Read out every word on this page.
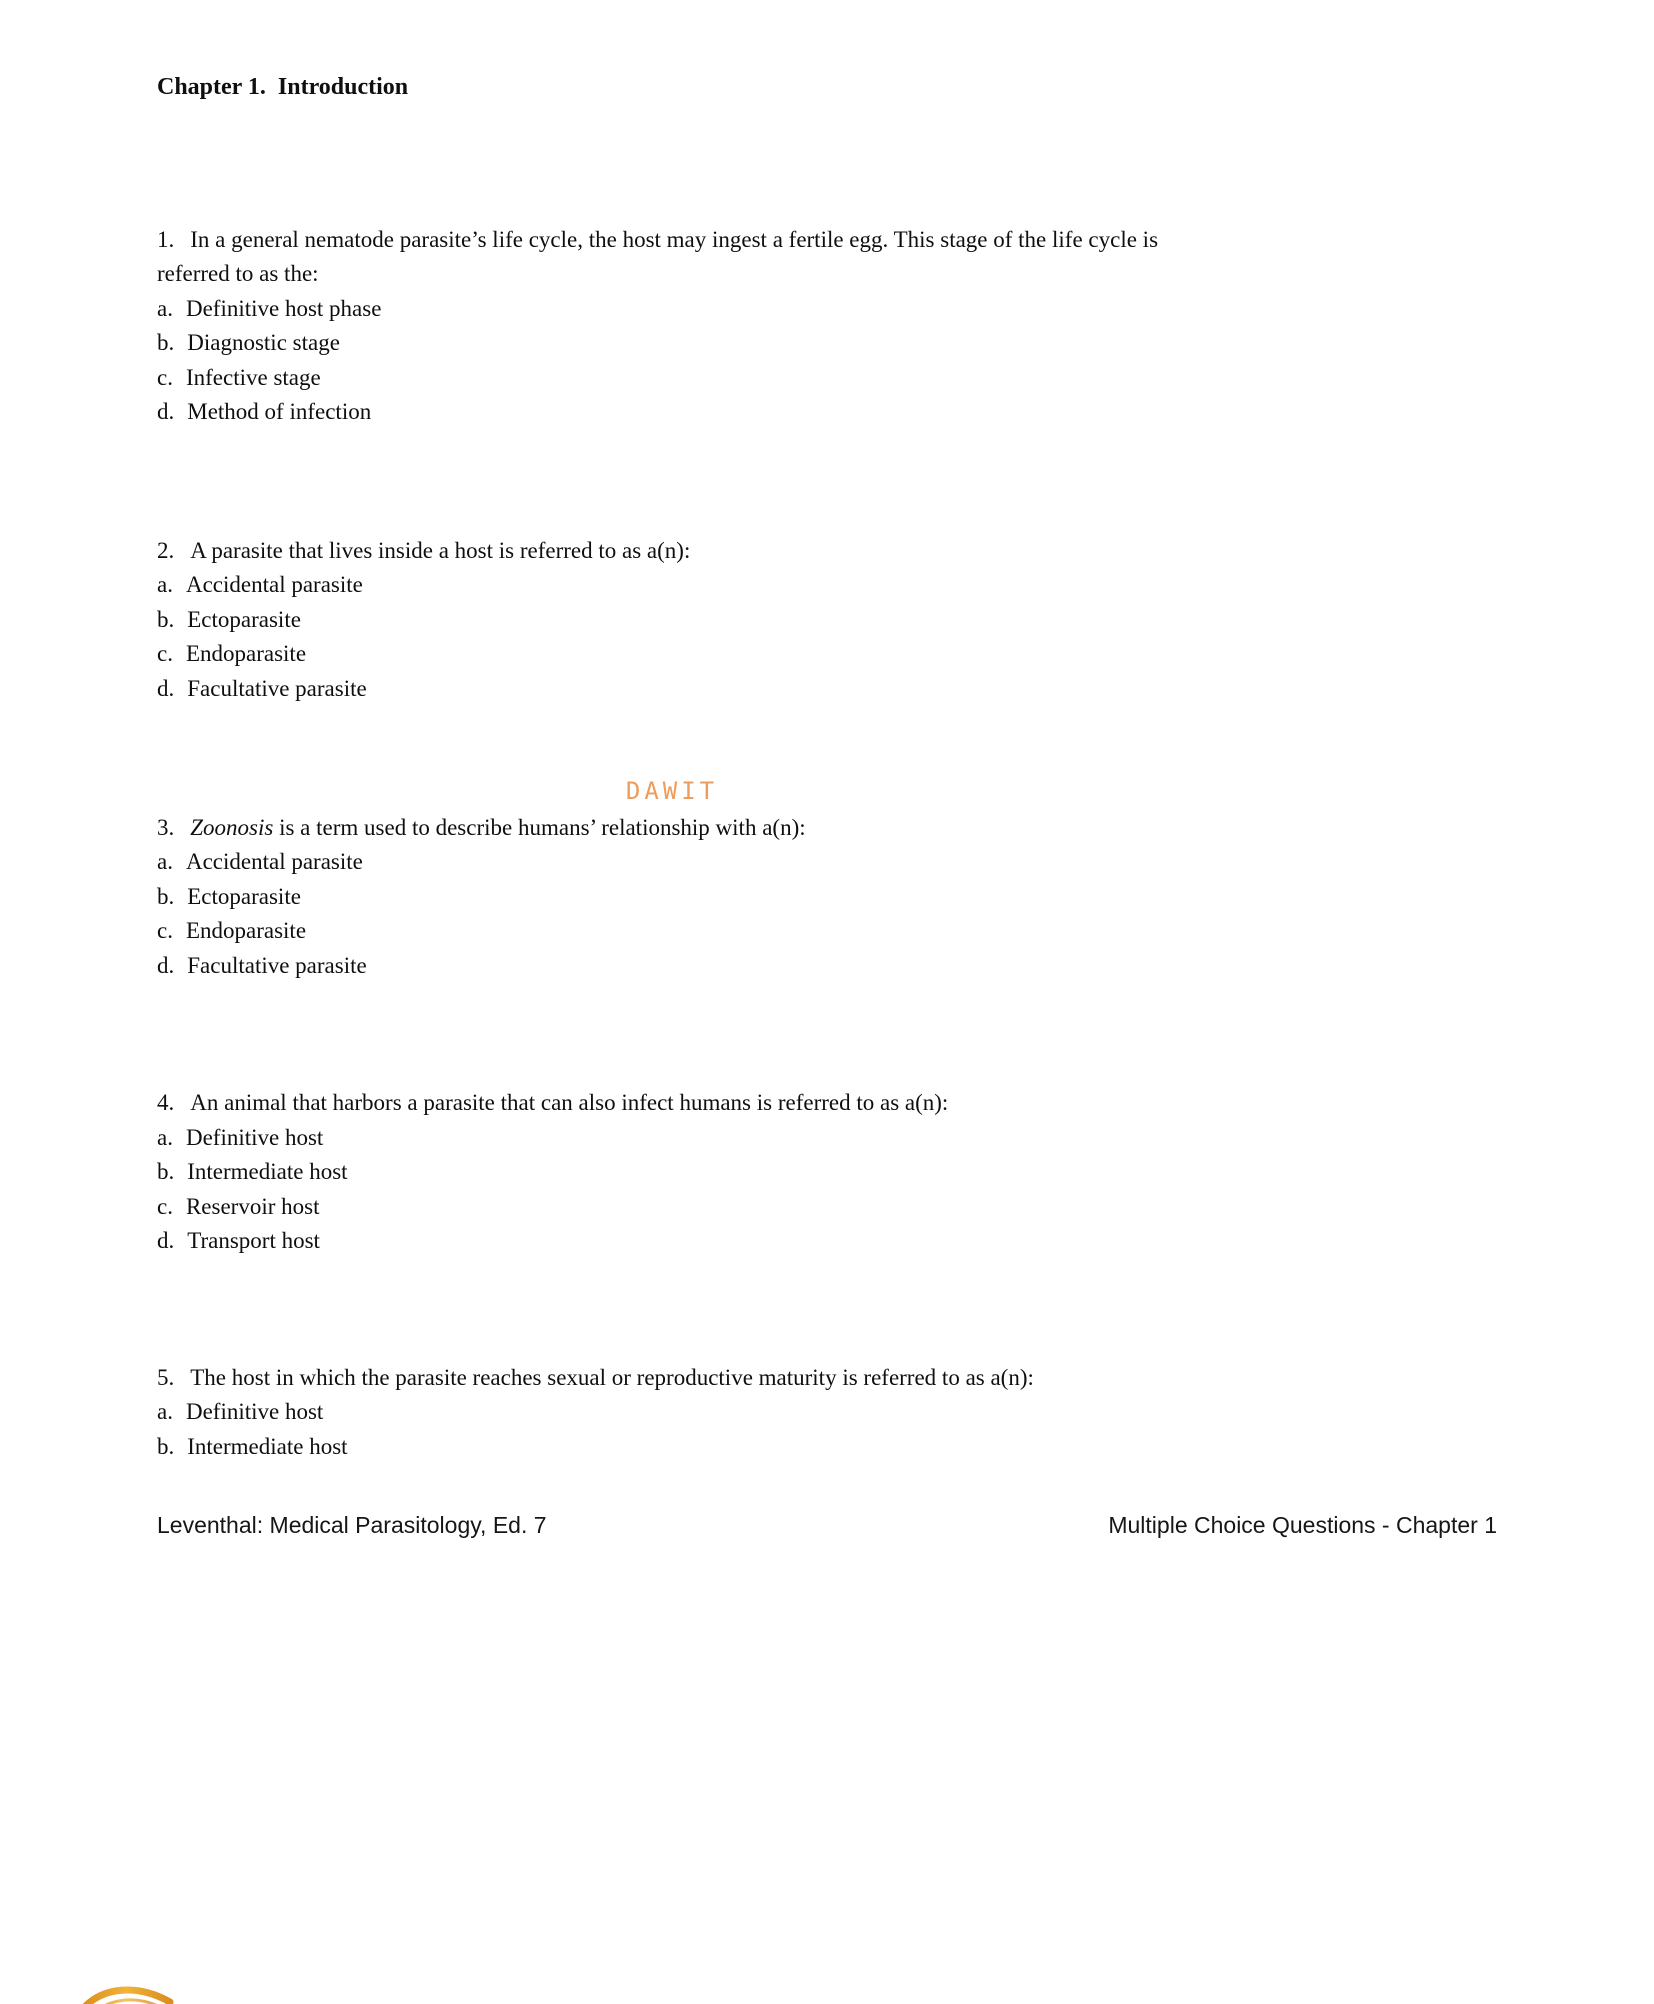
Chapter 1.  Introduction

1. In a general nematode parasite’s life cycle, the host may ingest a fertile egg. This stage of the life cycle is referred to as the:

a. Definitive host phase

b. Diagnostic stage

c. Infective stage

d. Method of infection

2. A parasite that lives inside a host is referred to as a(n):

a. Accidental parasite

b. Ectoparasite

c. Endoparasite

d. Facultative parasite

DAWIT

3. Zoonosis is a term used to describe humans’ relationship with a(n):

a. Accidental parasite

b. Ectoparasite

c. Endoparasite

d. Facultative parasite

4. An animal that harbors a parasite that can also infect humans is referred to as a(n):

a. Definitive host

b. Intermediate host

c. Reservoir host

d. Transport host

5. The host in which the parasite reaches sexual or reproductive maturity is referred to as a(n):

a. Definitive host

b. Intermediate host

Leventhal: Medical Parasitology, Ed. 7	Multiple Choice Questions - Chapter 1
